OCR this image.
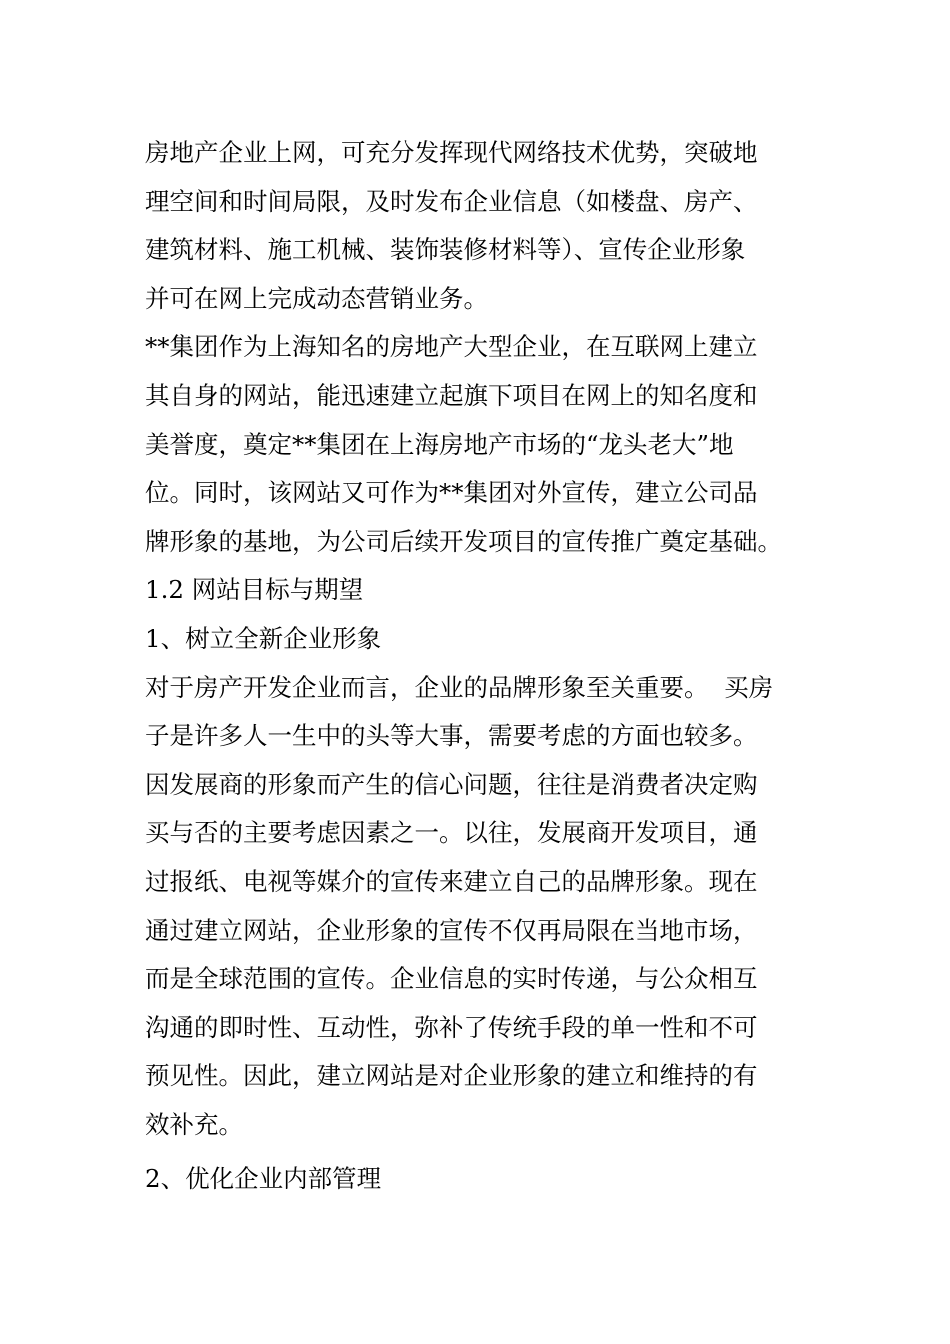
房地产企业上网，可充分发挥现代网络技术优势，突破地
理空间和时间局限，及时发布企业信息（如楼盘、房产、
建筑材料、施工机械、装饰装修材料等）、宣传企业形象
并可在网上完成动态营销业务。
**集团作为上海知名的房地产大型企业，在互联网上建立
其自身的网站，能迅速建立起旗下项目在网上的知名度和
美誉度，奠定**集团在上海房地产市场的“龙头老大”地
位。同时，该网站又可作为**集团对外宣传，建立公司品
牌形象的基地，为公司后续开发项目的宣传推广奠定基础。
1.2 网站目标与期望
1、树立全新企业形象
对于房产开发企业而言，企业的品牌形象至关重要。  买房
子是许多人一生中的头等大事，需要考虑的方面也较多。
因发展商的形象而产生的信心问题，往往是消费者决定购
买与否的主要考虑因素之一。以往，发展商开发项目，通
过报纸、电视等媒介的宣传来建立自己的品牌形象。现在
通过建立网站，企业形象的宣传不仅再局限在当地市场，
而是全球范围的宣传。企业信息的实时传递，与公众相互
沟通的即时性、互动性，弥补了传统手段的单一性和不可
预见性。因此，建立网站是对企业形象的建立和维持的有
效补充。
2、优化企业内部管理
